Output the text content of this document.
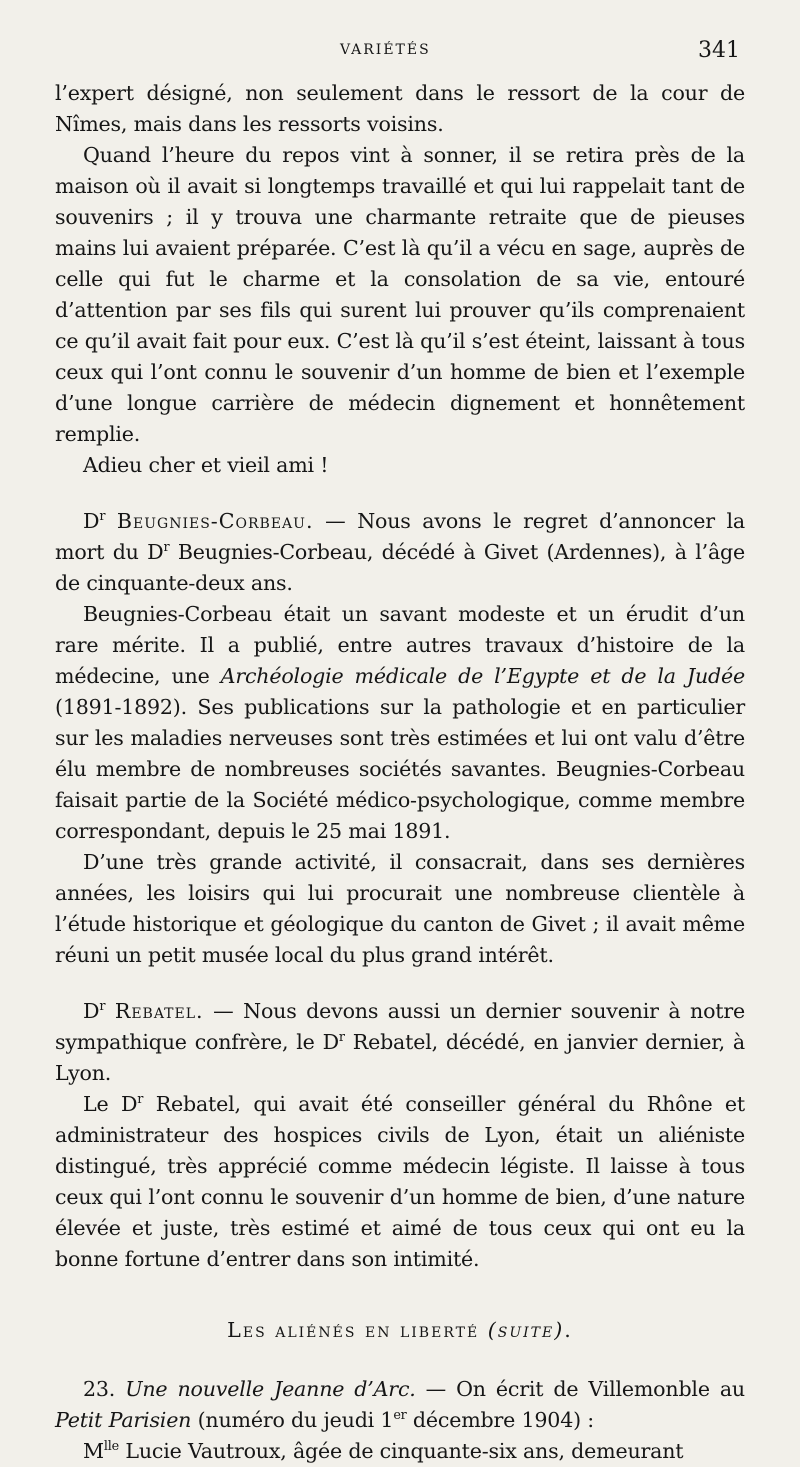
VARIÉTÉS	341

l’expert désigné, non seulement dans le ressort de la cour de Nîmes, mais dans les ressorts voisins.

Quand l’heure du repos vint à sonner, il se retira près de la maison où il avait si longtemps travaillé et qui lui rappelait tant de souvenirs ; il y trouva une charmante retraite que de pieuses mains lui avaient préparée. C’est là qu’il a vécu en sage, auprès de celle qui fut le charme et la consolation de sa vie, entouré d’attention par ses fils qui surent lui prouver qu’ils comprenaient ce qu’il avait fait pour eux. C’est là qu’il s’est éteint, laissant à tous ceux qui l’ont connu le souvenir d’un homme de bien et l’exemple d’une longue carrière de médecin dignement et honnêtement remplie.

Adieu cher et vieil ami !

$D^r$ Beugnies-Corbeau. — Nous avons le regret d’annoncer la mort du $D^r$ Beugnies-Corbeau, décédé à Givet (Ardennes), à l’âge de cinquante-deux ans.

Beugnies-Corbeau était un savant modeste et un érudit d’un rare mérite. Il a publié, entre autres travaux d’histoire de la médecine, une Archéologie médicale de l’Egypte et de la Judée (1891-1892). Ses publications sur la pathologie et en particulier sur les maladies nerveuses sont très estimées et lui ont valu d’être élu membre de nombreuses sociétés savantes. Beugnies-Corbeau faisait partie de la Société médico-psychologique, comme membre correspondant, depuis le 25 mai 1891.

D’une très grande activité, il consacrait, dans ses dernières années, les loisirs qui lui procurait une nombreuse clientèle à l’étude historique et géologique du canton de Givet ; il avait même réuni un petit musée local du plus grand intérêt.

$D^r$ Rebatel. — Nous devons aussi un dernier souvenir à notre sympathique confrère, le $D^r$ Rebatel, décédé, en janvier dernier, à Lyon.

Le $D^r$ Rebatel, qui avait été conseiller général du Rhône et administrateur des hospices civils de Lyon, était un aliéniste distingué, très apprécié comme médecin légiste. Il laisse à tous ceux qui l’ont connu le souvenir d’un homme de bien, d’une nature élevée et juste, très estimé et aimé de tous ceux qui ont eu la bonne fortune d’entrer dans son intimité.

Les aliénés en liberté (suite).

23. Une nouvelle Jeanne d’Arc. — On écrit de Villemonble au Petit Parisien (numéro du jeudi 1er décembre 1904) :

$M^{lle}$ Lucie Vautroux, âgée de cinquante-six ans, demeurant
